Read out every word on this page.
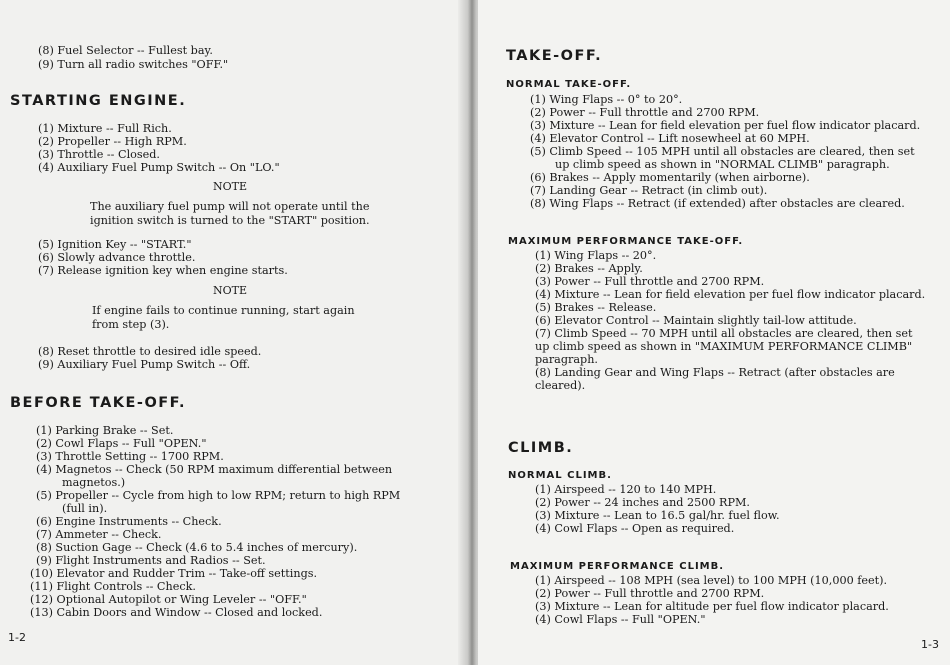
(8) Fuel Selector -- Fullest bay.
(9) Turn all radio switches "OFF."
STARTING ENGINE.
(1) Mixture -- Full Rich.
(2) Propeller -- High RPM.
(3) Throttle -- Closed.
(4) Auxiliary Fuel Pump Switch -- On "LO."
NOTE
The auxiliary fuel pump will not operate until the ignition switch is turned to the "START" position.
(5) Ignition Key -- "START."
(6) Slowly advance throttle.
(7) Release ignition key when engine starts.
NOTE
If engine fails to continue running, start again from step (3).
(8) Reset throttle to desired idle speed.
(9) Auxiliary Fuel Pump Switch -- Off.
BEFORE TAKE-OFF.
(1) Parking Brake -- Set.
(2) Cowl Flaps -- Full "OPEN."
(3) Throttle Setting -- 1700 RPM.
(4) Magnetos -- Check (50 RPM maximum differential between
magnetos.)
(5) Propeller -- Cycle from high to low RPM; return to high RPM
(full in).
(6) Engine Instruments -- Check.
(7) Ammeter -- Check.
(8) Suction Gage -- Check (4.6 to 5.4 inches of mercury).
(9) Flight Instruments and Radios -- Set.
(10) Elevator and Rudder Trim -- Take-off settings.
(11) Flight Controls -- Check.
(12) Optional Autopilot or Wing Leveler -- "OFF."
(13) Cabin Doors and Window -- Closed and locked.
1-2
TAKE-OFF.
NORMAL TAKE-OFF.
(1) Wing Flaps -- 0° to 20°.
(2) Power -- Full throttle and 2700 RPM.
(3) Mixture -- Lean for field elevation per fuel flow indicator placard.
(4) Elevator Control -- Lift nosewheel at 60 MPH.
(5) Climb Speed -- 105 MPH until all obstacles are cleared, then set
up climb speed as shown in "NORMAL CLIMB" paragraph.
(6) Brakes -- Apply momentarily (when airborne).
(7) Landing Gear -- Retract (in climb out).
(8) Wing Flaps -- Retract (if extended) after obstacles are cleared.
MAXIMUM PERFORMANCE TAKE-OFF.
(1) Wing Flaps -- 20°.
(2) Brakes -- Apply.
(3) Power -- Full throttle and 2700 RPM.
(4) Mixture -- Lean for field elevation per fuel flow indicator placard.
(5) Brakes -- Release.
(6) Elevator Control -- Maintain slightly tail-low attitude.
(7) Climb Speed -- 70 MPH until all obstacles are cleared, then set
up climb speed as shown in "MAXIMUM PERFORMANCE CLIMB"
paragraph.
(8) Landing Gear and Wing Flaps -- Retract (after obstacles are
cleared).
CLIMB.
NORMAL CLIMB.
(1) Airspeed -- 120 to 140 MPH.
(2) Power -- 24 inches and 2500 RPM.
(3) Mixture -- Lean to 16.5 gal/hr. fuel flow.
(4) Cowl Flaps -- Open as required.
MAXIMUM PERFORMANCE CLIMB.
(1) Airspeed -- 108 MPH (sea level) to 100 MPH (10,000 feet).
(2) Power -- Full throttle and 2700 RPM.
(3) Mixture -- Lean for altitude per fuel flow indicator placard.
(4) Cowl Flaps -- Full "OPEN."
1-3
